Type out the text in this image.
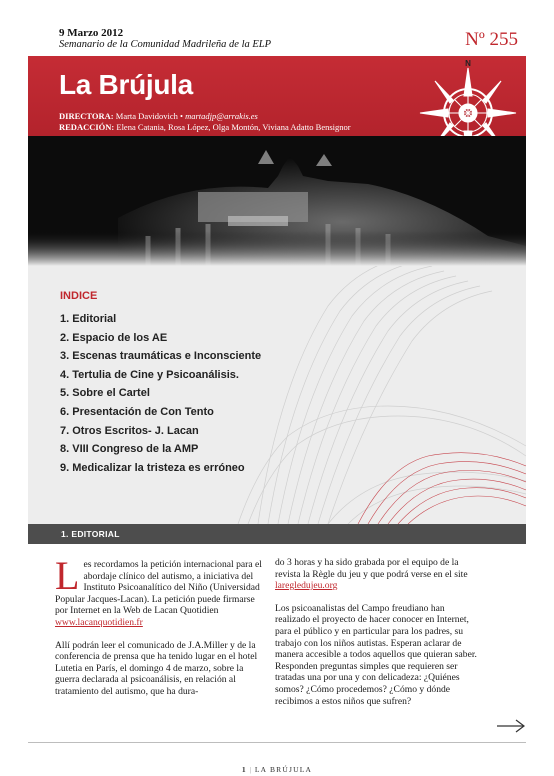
9 Marzo 2012
Semanario de la Comunidad Madrileña de la ELP	Nº 255
La Brújula
DIRECTORA: Marta Davidovich • martadjp@arrakis.es
REDACCIÓN: Elena Catania, Rosa López, Olga Montón, Viviana Adatto Bensignor
N
INDICE
1. Editorial
2. Espacio de los AE
3. Escenas traumáticas e Inconsciente
4. Tertulia de Cine y Psicoanálisis.
5. Sobre el Cartel
6. Presentación de Con Tento
7. Otros Escritos- J. Lacan
8. VIII Congreso de la AMP
9. Medicalizar la tristeza es erróneo
1. EDITORIAL

Les recordamos la petición internacional para el abordaje clínico del autismo, a iniciativa del Instituto Psicoanalítico del Niño (Universidad Popular Jacques-Lacan). La petición puede firmarse por Internet en la Web de Lacan Quotidien

www.lacanquotidien.fr

Allí podrán leer el comunicado de J.A.Miller y de la conferencia de prensa que ha tenido lugar en el hotel Lutetia en París, el domingo 4 de marzo, sobre la guerra declarada al psicoanálisis, en relación al tratamiento del autismo, que ha dura-

do 3 horas y ha sido grabada por el equipo de la revista la Règle du jeu y que podrá verse en el site

laregledujeu.org

Los psicoanalistas del Campo freudiano han realizado el proyecto de hacer conocer en Internet, para el público y en particular para los padres, su trabajo con los niños autistas. Esperan aclarar de manera accesible a todos aquellos que quieran saber. Responden preguntas simples que requieren ser tratadas una por una y con delicadeza: ¿Quiénes somos? ¿Cómo procedemos? ¿Cómo y dónde recibimos a estos niños que sufren?

1 | LA BRÚJULA
